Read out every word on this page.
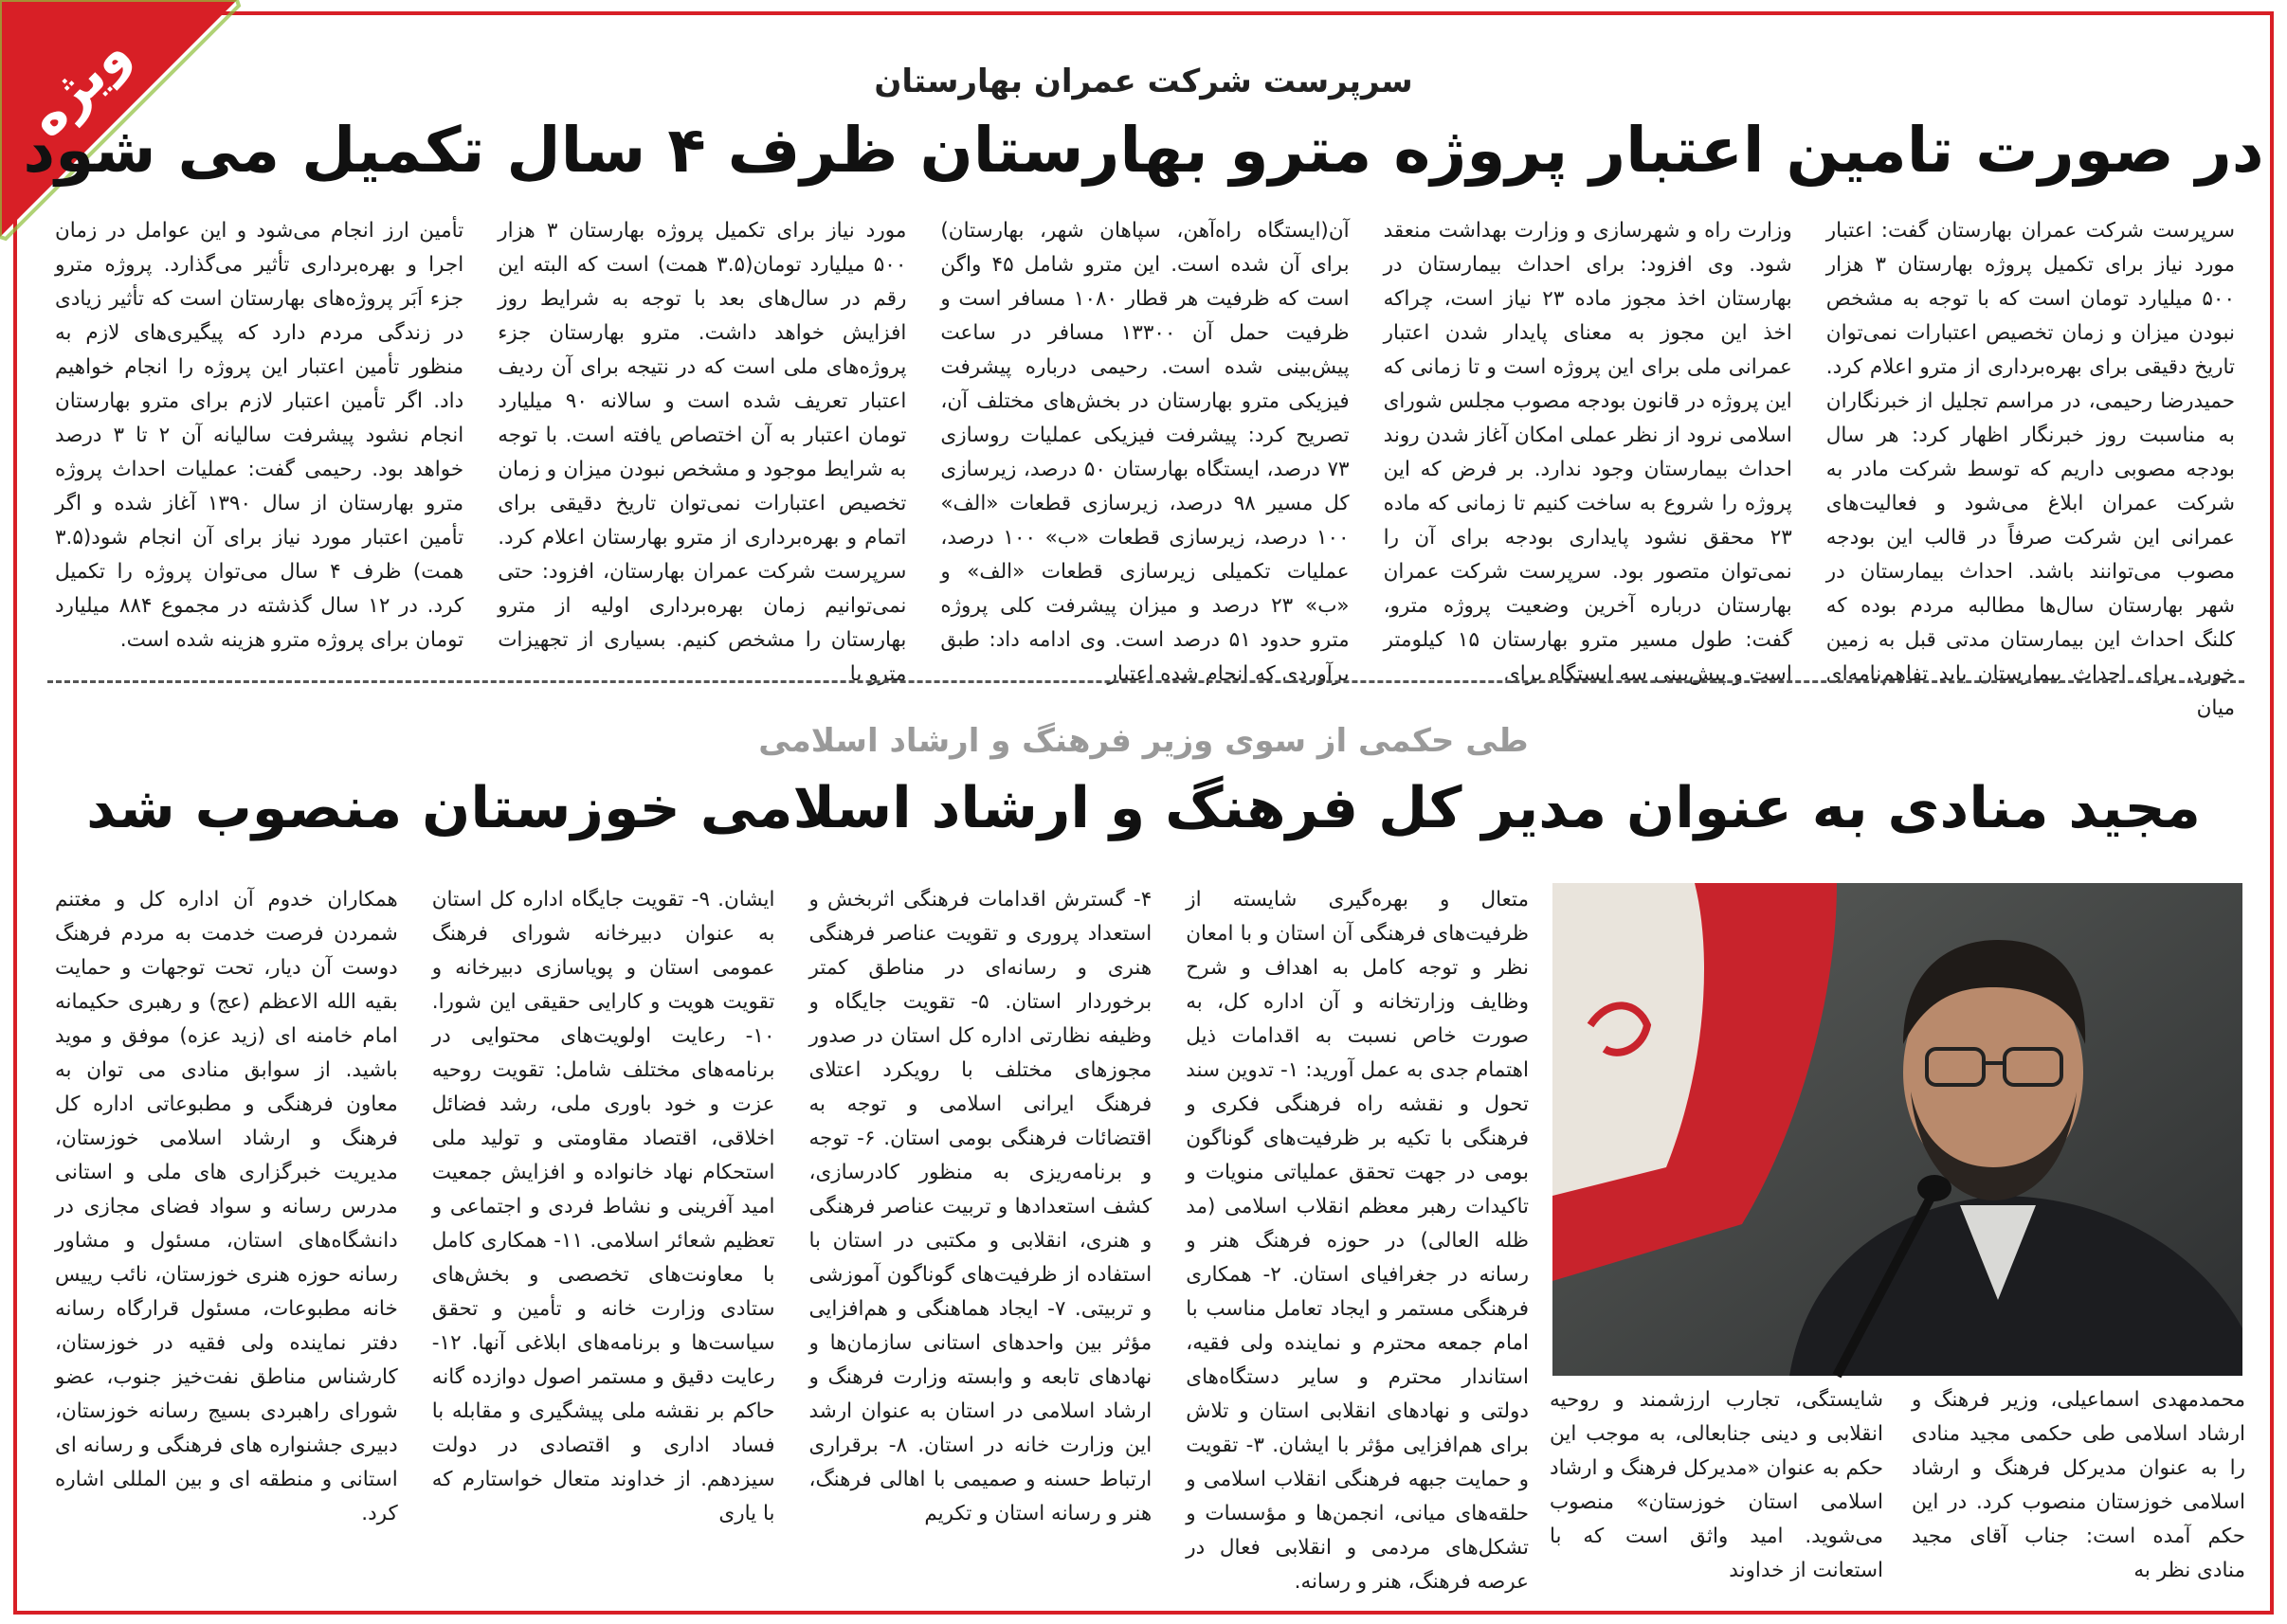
ویژه	سرپرست شرکت عمران بهارستان
در صورت تامین اعتبار پروژه مترو بهارستان ظرف ۴ سال تکمیل می شود
سرپرست شرکت عمران بهارستان گفت: اعتبار مورد نیاز برای تکمیل پروژه بهارستان ۳ هزار ۵۰۰ میلیارد تومان است که با توجه به مشخص نبودن میزان و زمان تخصیص اعتبارات نمی‌توان تاریخ دقیقی برای بهره‌برداری از مترو اعلام کرد. حمیدرضا رحیمی، در مراسم تجلیل از خبرنگاران به مناسبت روز خبرنگار اظهار کرد: هر سال بودجه مصوبی داریم که توسط شرکت مادر به شرکت عمران ابلاغ می‌شود و فعالیت‌های عمرانی این شرکت صرفاً در قالب این بودجه مصوب می‌توانند باشد. احداث بیمارستان در شهر بهارستان سال‌ها مطالبه مردم بوده که کلنگ احداث این بیمارستان مدتی قبل به زمین خورد. برای احداث بیمارستان باید تفاهم‌نامه‌ای میان
وزارت راه و شهرسازی و وزارت بهداشت منعقد شود. وی افزود: برای احداث بیمارستان در بهارستان اخذ مجوز ماده ۲۳ نیاز است، چراکه اخذ این مجوز به معنای پایدار شدن اعتبار عمرانی ملی برای این پروژه است و تا زمانی که این پروژه در قانون بودجه مصوب مجلس شورای اسلامی نرود از نظر عملی امکان آغاز شدن روند احداث بیمارستان وجود ندارد. بر فرض که این پروژه را شروع به ساخت کنیم تا زمانی که ماده ۲۳ محقق نشود پایداری بودجه برای آن را نمی‌توان متصور بود. سرپرست شرکت عمران بهارستان درباره آخرین وضعیت پروژه مترو، گفت: طول مسیر مترو بهارستان ۱۵ کیلومتر است و پیش‌بینی سه ایستگاه برای
آن(ایستگاه راه‌آهن، سپاهان شهر، بهارستان) برای آن شده است. این مترو شامل ۴۵ واگن است که ظرفیت هر قطار ۱۰۸۰ مسافر است و ظرفیت حمل آن ۱۳۳۰۰ مسافر در ساعت پیش‌بینی شده است. رحیمی درباره پیشرفت فیزیکی مترو بهارستان در بخش‌های مختلف آن، تصریح کرد: پیشرفت فیزیکی عملیات روسازی ۷۳ درصد، ایستگاه بهارستان ۵۰ درصد، زیرسازی کل مسیر ۹۸ درصد، زیرسازی قطعات «الف» ۱۰۰ درصد، زیرسازی قطعات «ب» ۱۰۰ درصد، عملیات تکمیلی زیرسازی قطعات «الف» و «ب» ۲۳ درصد و میزان پیشرفت کلی پروژه مترو حدود ۵۱ درصد است. وی ادامه داد: طبق برآوردی که انجام شده اعتبار
مورد نیاز برای تکمیل پروژه بهارستان ۳ هزار ۵۰۰ میلیارد تومان(۳.۵ همت) است که البته این رقم در سال‌های بعد با توجه به شرایط روز افزایش خواهد داشت. مترو بهارستان جزء پروژه‌های ملی است که در نتیجه برای آن ردیف اعتبار تعریف شده است و سالانه ۹۰ میلیارد تومان اعتبار به آن اختصاص یافته است. با توجه به شرایط موجود و مشخص نبودن میزان و زمان تخصیص اعتبارات نمی‌توان تاریخ دقیقی برای اتمام و بهره‌برداری از مترو بهارستان اعلام کرد. سرپرست شرکت عمران بهارستان، افزود: حتی نمی‌توانیم زمان بهره‌برداری اولیه از مترو بهارستان را مشخص کنیم. بسیاری از تجهیزات مترو با
تأمین ارز انجام می‌شود و این عوامل در زمان اجرا و بهره‌برداری تأثیر می‌گذارد. پروژه مترو جزء اَبَر پروژه‌های بهارستان است که تأثیر زیادی در زندگی مردم دارد که پیگیری‌های لازم به منظور تأمین اعتبار این پروژه را انجام خواهیم داد. اگر تأمین اعتبار لازم برای مترو بهارستان انجام نشود پیشرفت سالیانه آن ۲ تا ۳ درصد خواهد بود. رحیمی گفت: عملیات احداث پروژه مترو بهارستان از سال ۱۳۹۰ آغاز شده و اگر تأمین اعتبار مورد نیاز برای آن انجام شود(۳.۵ همت) ظرف ۴ سال می‌توان پروژه را تکمیل کرد. در ۱۲ سال گذشته در مجموع ۸۸۴ میلیارد تومان برای پروژه مترو هزینه شده است.
طی حکمی از سوی وزیر فرهنگ و ارشاد اسلامی
مجید منادی به عنوان مدیر کل فرهنگ و ارشاد اسلامی خوزستان منصوب شد
محمدمهدی اسماعیلی، وزیر فرهنگ و ارشاد اسلامی طی حکمی مجید منادی را به عنوان مدیرکل فرهنگ و ارشاد اسلامی خوزستان منصوب کرد. در این حکم آمده است: جناب آقای مجید منادی نظر به
شایستگی، تجارب ارزشمند و روحیه انقلابی و دینی جنابعالی، به موجب این حکم به عنوان «مدیرکل فرهنگ و ارشاد اسلامی استان خوزستان» منصوب می‌شوید. امید واثق است که با استعانت از خداوند
متعال و بهره‌گیری شایسته از ظرفیت‌های فرهنگی آن استان و با امعان نظر و توجه کامل به اهداف و شرح وظایف وزارتخانه و آن اداره کل، به صورت خاص نسبت به اقدامات ذیل اهتمام جدی به عمل آورید: ۱- تدوین سند تحول و نقشه راه فرهنگی فکری و فرهنگی با تکیه بر ظرفیت‌های گوناگون بومی در جهت تحقق عملیاتی منویات و تاکیدات رهبر معظم انقلاب اسلامی (مد ظله العالی) در حوزه فرهنگ هنر و رسانه در جغرافیای استان. ۲- همکاری فرهنگی مستمر و ایجاد تعامل مناسب با امام جمعه محترم و نماینده ولی فقیه، استاندار محترم و سایر دستگاه‌های دولتی و نهادهای انقلابی استان و تلاش برای هم‌افزایی مؤثر با ایشان. ۳- تقویت و حمایت جبهه فرهنگی انقلاب اسلامی و حلقه‌های میانی، انجمن‌ها و مؤسسات و تشکل‌های مردمی و انقلابی فعال در عرصه فرهنگ، هنر و رسانه.
۴- گسترش اقدامات فرهنگی اثربخش و استعداد پروری و تقویت عناصر فرهنگی هنری و رسانه‌ای در مناطق کمتر برخوردار استان. ۵- تقویت جایگاه و وظیفه نظارتی اداره کل استان در صدور مجوزهای مختلف با رویکرد اعتلای فرهنگ ایرانی اسلامی و توجه به اقتضائات فرهنگی بومی استان. ۶- توجه و برنامه‌ریزی به منظور کادرسازی، کشف استعدادها و تربیت عناصر فرهنگی و هنری، انقلابی و مکتبی در استان با استفاده از ظرفیت‌های گوناگون آموزشی و تربیتی. ۷- ایجاد هماهنگی و هم‌افزایی مؤثر بین واحدهای استانی سازمان‌ها و نهادهای تابعه و وابسته وزارت فرهنگ و ارشاد اسلامی در استان به عنوان ارشد این وزارت خانه در استان. ۸- برقراری ارتباط حسنه و صمیمی با اهالی فرهنگ، هنر و رسانه استان و تکریم
ایشان. ۹- تقویت جایگاه اداره کل استان به عنوان دبیرخانه شورای فرهنگ عمومی استان و پویاسازی دبیرخانه و تقویت هویت و کارایی حقیقی این شورا. ۱۰- رعایت اولویت‌های محتوایی در برنامه‌های مختلف شامل: تقویت روحیه عزت و خود باوری ملی، رشد فضائل اخلاقی، اقتصاد مقاومتی و تولید ملی استحکام نهاد خانواده و افزایش جمعیت امید آفرینی و نشاط فردی و اجتماعی و تعظیم شعائر اسلامی. ۱۱- همکاری کامل با معاونت‌های تخصصی و بخش‌های ستادی وزارت خانه و تأمین و تحقق سیاست‌ها و برنامه‌های ابلاغی آنها. ۱۲- رعایت دقیق و مستمر اصول دوازده گانه حاکم بر نقشه ملی پیشگیری و مقابله با فساد اداری و اقتصادی در دولت سیزدهم. از خداوند متعال خواستارم که با یاری
همکاران خدوم آن اداره کل و مغتنم شمردن فرصت خدمت به مردم فرهنگ دوست آن دیار، تحت توجهات و حمایت بقیه الله الاعظم (عج) و رهبری حکیمانه امام خامنه ای (زید عزه) موفق و موید باشید. از سوابق منادی می توان به معاون فرهنگی و مطبوعاتی اداره کل فرهنگ و ارشاد اسلامی خوزستان، مدیریت خبرگزاری های ملی و استانی مدرس رسانه و سواد فضای مجازی در دانشگاه‌های استان، مسئول و مشاور رسانه حوزه هنری خوزستان، نائب رییس خانه مطبوعات، مسئول قرارگاه رسانه دفتر نماینده ولی فقیه در خوزستان، کارشناس مناطق نفت‌خیز جنوب، عضو شورای راهبردی بسیج رسانه خوزستان، دبیری جشنواره های فرهنگی و رسانه ای استانی و منطقه ای و بین المللی اشاره کرد.
